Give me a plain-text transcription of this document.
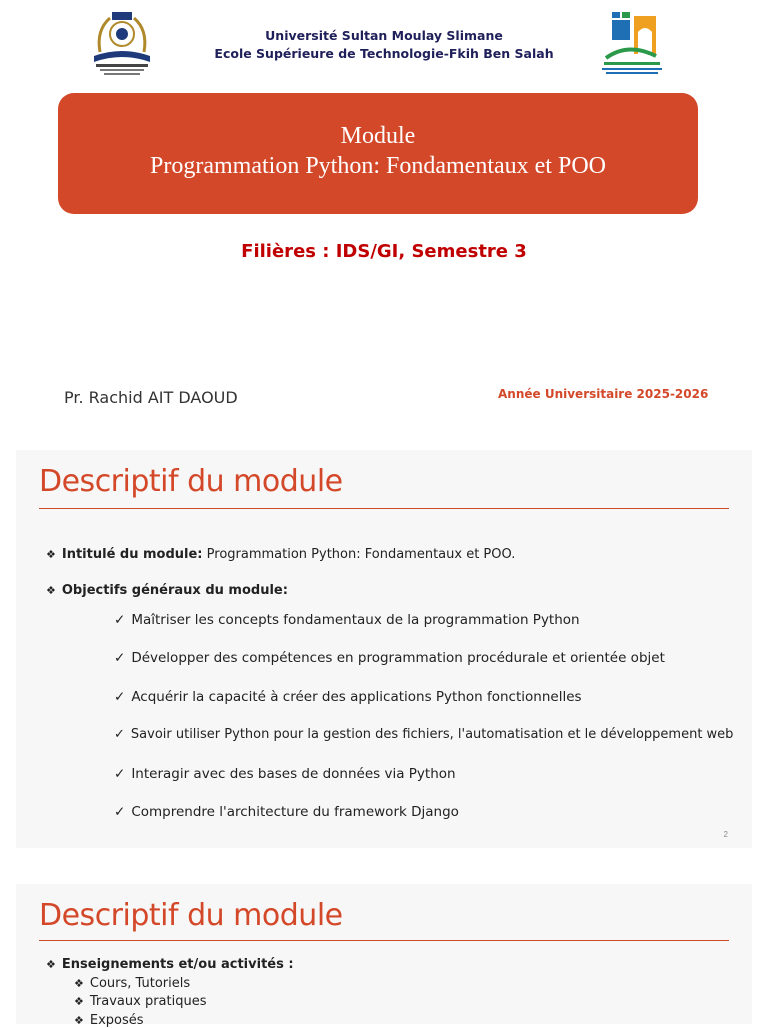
Université Sultan Moulay Slimane
Ecole Supérieure de Technologie-Fkih Ben Salah
Module
Programmation Python: Fondamentaux et POO
Filières : IDS/GI, Semestre 3
Pr. Rachid AIT DAOUD	Année Universitaire 2025-2026
Descriptif du module
❖ Intitulé du module: Programmation Python: Fondamentaux et POO.
❖ Objectifs généraux du module:
✓ Maîtriser les concepts fondamentaux de la programmation Python
✓ Développer des compétences en programmation procédurale et orientée objet
✓ Acquérir la capacité à créer des applications Python fonctionnelles
✓ Savoir utiliser Python pour la gestion des fichiers, l'automatisation et le développement web
✓ Interagir avec des bases de données via Python
✓ Comprendre l'architecture du framework Django
2
Descriptif du module
❖ Enseignements et/ou activités :
❖ Cours, Tutoriels
❖ Travaux pratiques
❖ Exposés
